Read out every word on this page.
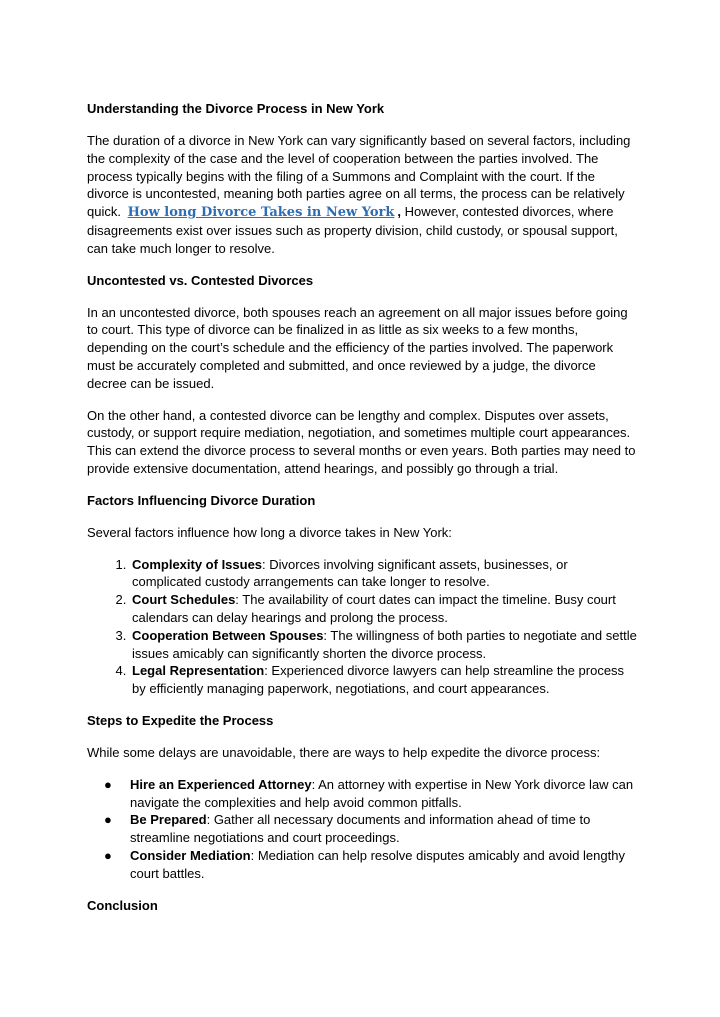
Understanding the Divorce Process in New York

The duration of a divorce in New York can vary significantly based on several factors, including the complexity of the case and the level of cooperation between the parties involved. The process typically begins with the filing of a Summons and Complaint with the court. If the divorce is uncontested, meaning both parties agree on all terms, the process can be relatively quick. How long Divorce Takes in New York , However, contested divorces, where disagreements exist over issues such as property division, child custody, or spousal support, can take much longer to resolve.

Uncontested vs. Contested Divorces

In an uncontested divorce, both spouses reach an agreement on all major issues before going to court. This type of divorce can be finalized in as little as six weeks to a few months, depending on the court’s schedule and the efficiency of the parties involved. The paperwork must be accurately completed and submitted, and once reviewed by a judge, the divorce decree can be issued.

On the other hand, a contested divorce can be lengthy and complex. Disputes over assets, custody, or support require mediation, negotiation, and sometimes multiple court appearances. This can extend the divorce process to several months or even years. Both parties may need to provide extensive documentation, attend hearings, and possibly go through a trial.

Factors Influencing Divorce Duration

Several factors influence how long a divorce takes in New York:

1. Complexity of Issues: Divorces involving significant assets, businesses, or complicated custody arrangements can take longer to resolve.
2. Court Schedules: The availability of court dates can impact the timeline. Busy court calendars can delay hearings and prolong the process.
3. Cooperation Between Spouses: The willingness of both parties to negotiate and settle issues amicably can significantly shorten the divorce process.
4. Legal Representation: Experienced divorce lawyers can help streamline the process by efficiently managing paperwork, negotiations, and court appearances.
Steps to Expedite the Process

While some delays are unavoidable, there are ways to help expedite the divorce process:

● Hire an Experienced Attorney: An attorney with expertise in New York divorce law can navigate the complexities and help avoid common pitfalls.
● Be Prepared: Gather all necessary documents and information ahead of time to streamline negotiations and court proceedings.
● Consider Mediation: Mediation can help resolve disputes amicably and avoid lengthy court battles.
Conclusion
